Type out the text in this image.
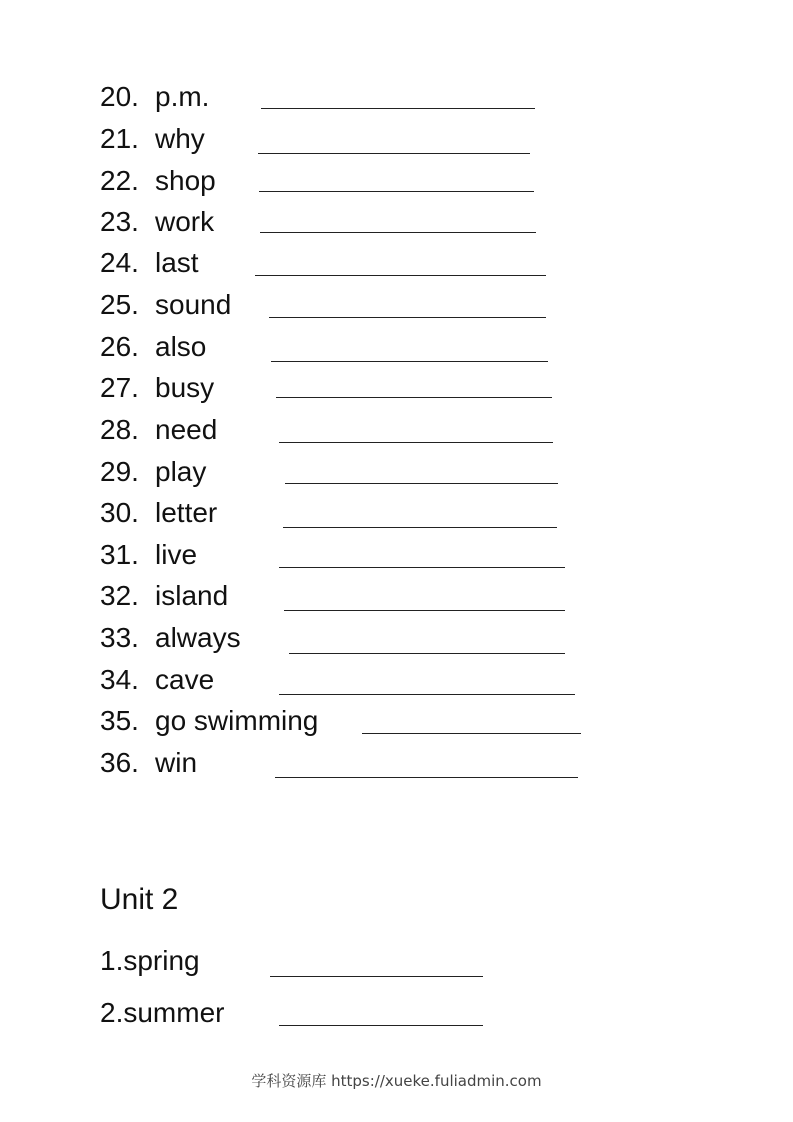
20. p.m.
21. why
22. shop
23. work
24. last
25. sound
26. also
27. busy
28. need
29. play
30. letter
31. live
32. island
33. always
34. cave
35. go swimming
36. win
Unit 2
1.spring
2.summer
学科资源库 https://xueke.fuliadmin.com
